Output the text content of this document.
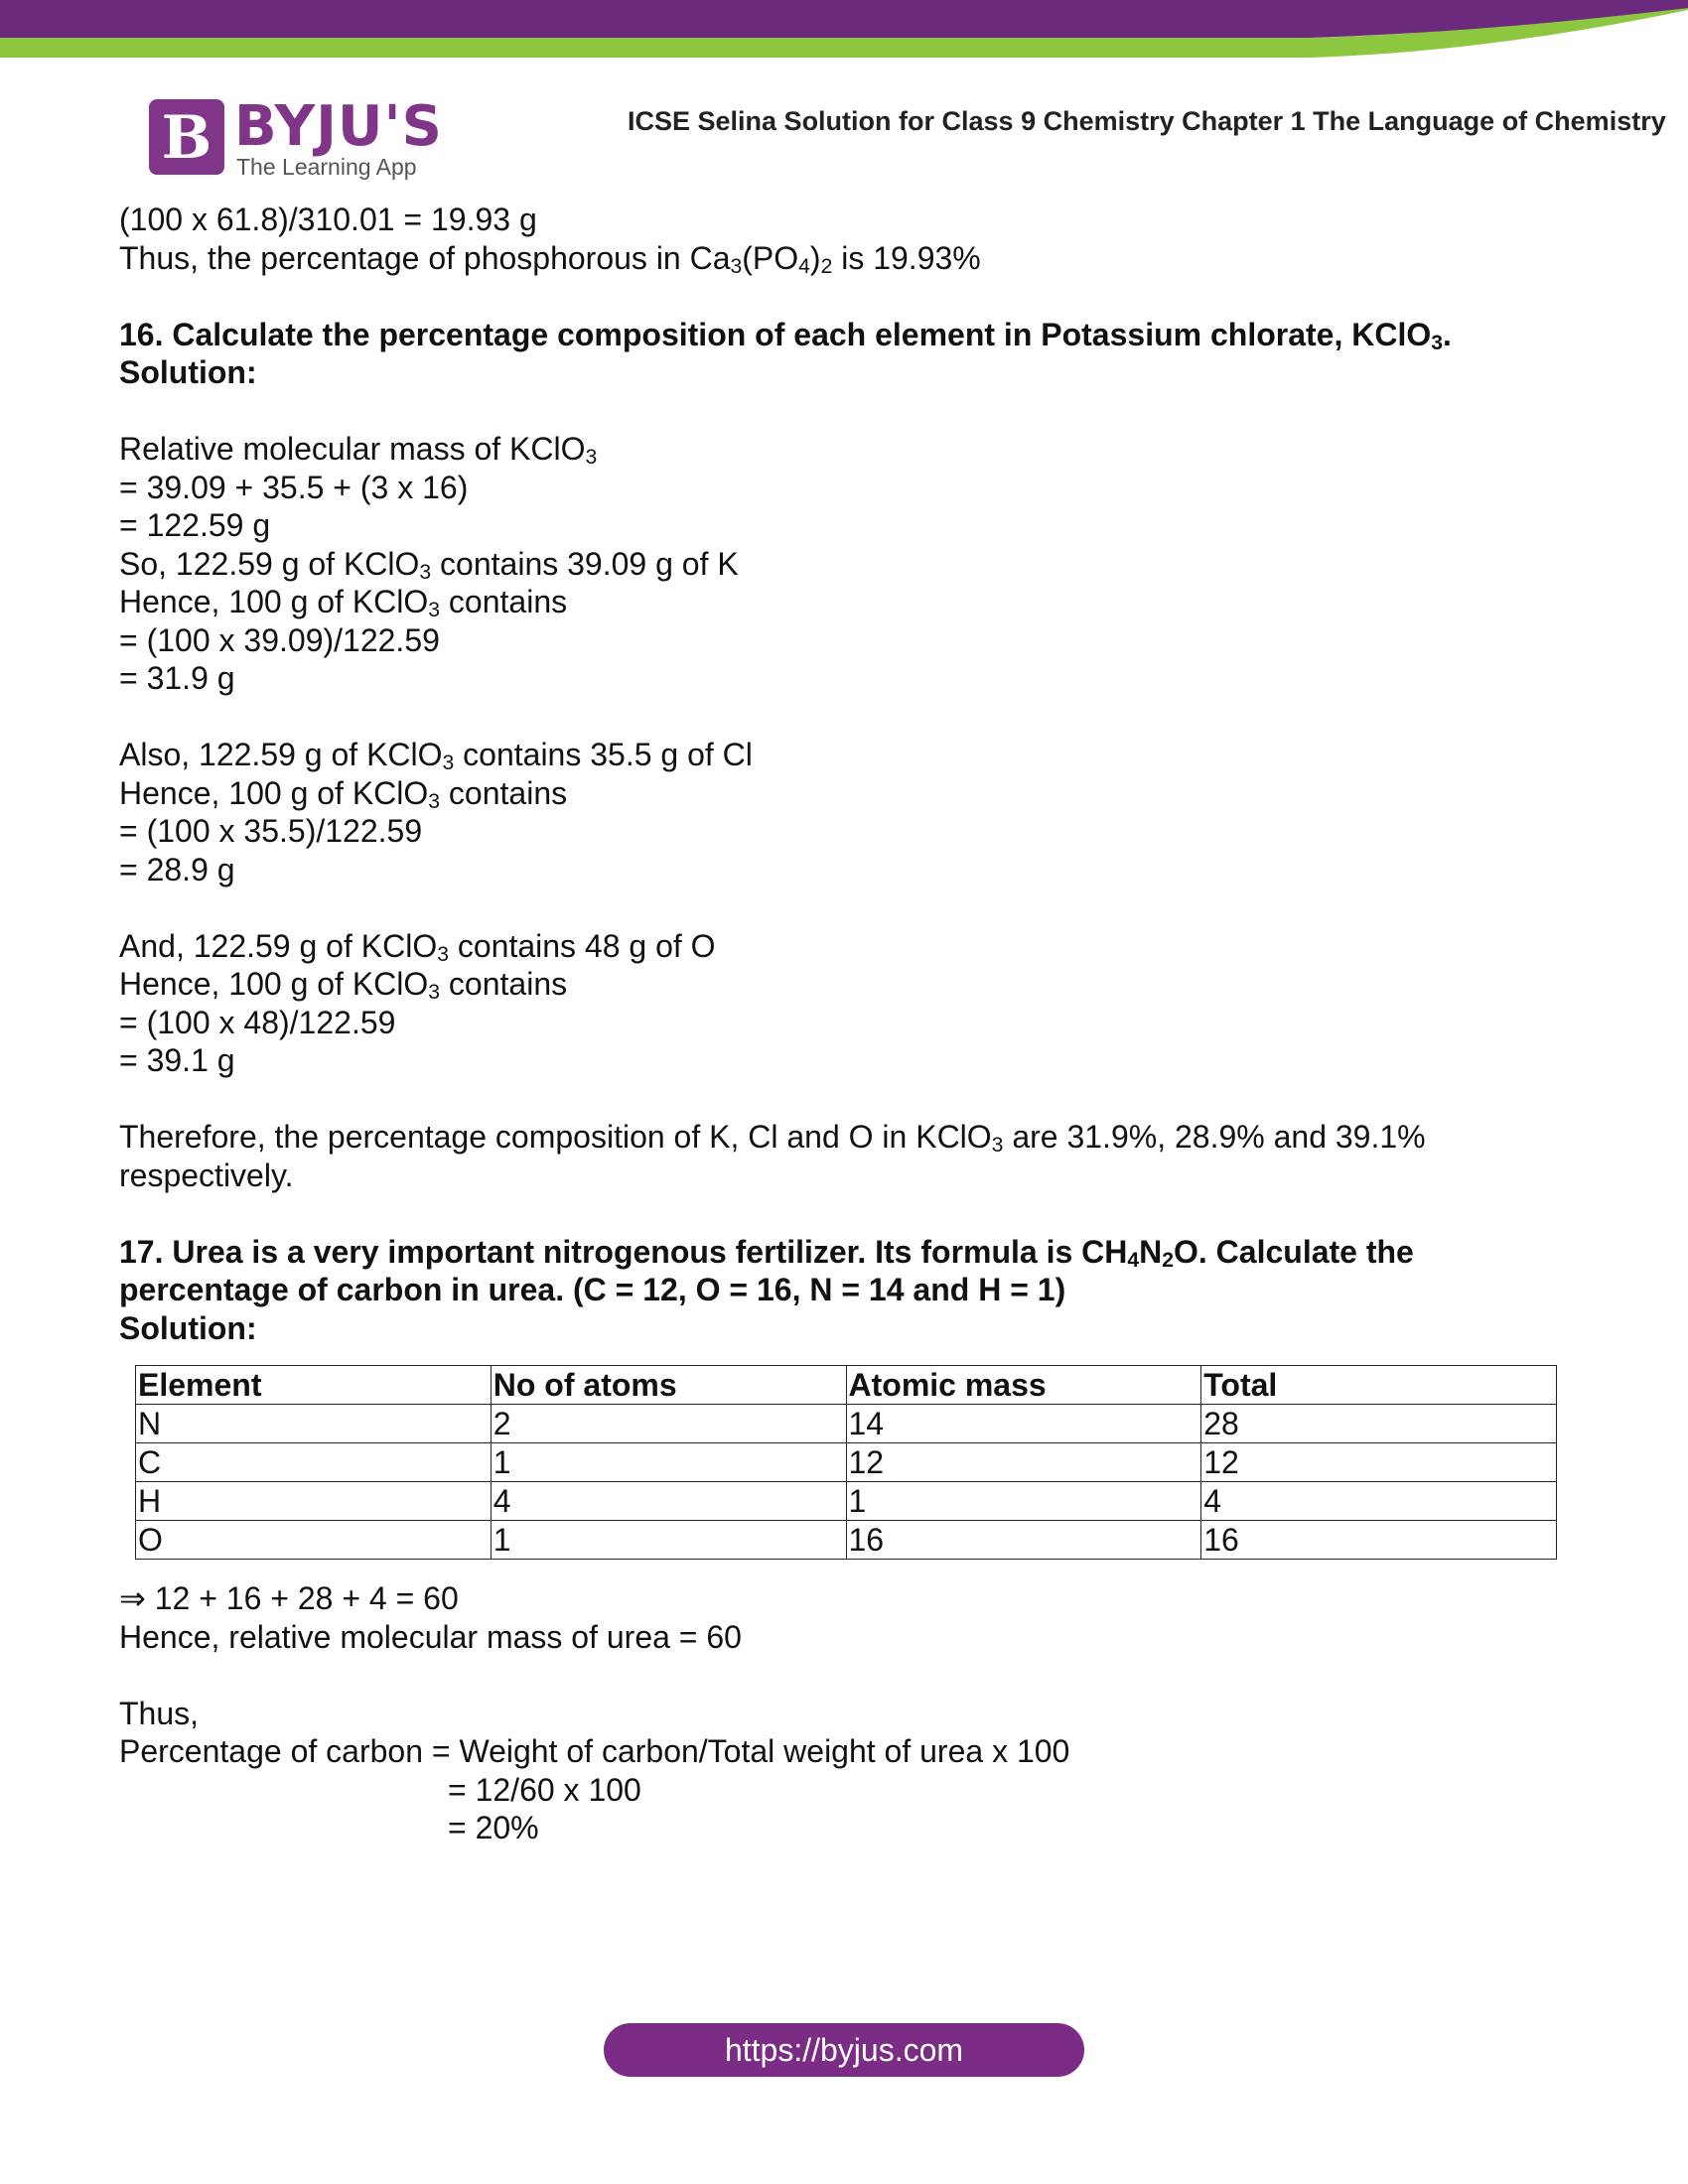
B BYJU'S
The Learning App
ICSE Selina Solution for Class 9 Chemistry Chapter 1 The Language of Chemistry

(100 x 61.8)/310.01 = 19.93 g

Thus, the percentage of phosphorous in $Ca_3(PO_4)_2$ is 19.93%

16. Calculate the percentage composition of each element in Potassium chlorate, KClO$_3$.

Solution:

Relative molecular mass of KClO$_3$

= 39.09 + 35.5 + (3 x 16)

= 122.59 g

So, 122.59 g of KClO$_3$ contains 39.09 g of K

Hence, 100 g of KClO$_3$ contains

= (100 x 39.09)/122.59

= 31.9 g

Also, 122.59 g of KClO$_3$ contains 35.5 g of Cl

Hence, 100 g of KClO$_3$ contains

= (100 x 35.5)/122.59

= 28.9 g

And, 122.59 g of KClO$_3$ contains 48 g of O

Hence, 100 g of KClO$_3$ contains

= (100 x 48)/122.59

= 39.1 g

Therefore, the percentage composition of K, Cl and O in KClO$_3$ are 31.9%, 28.9% and 39.1%

respectively.

17. Urea is a very important nitrogenous fertilizer. Its formula is $CH_4N_2O$. Calculate the

percentage of carbon in urea. (C = 12, O = 16, N = 14 and H = 1)

Solution:

Element	No of atoms	Atomic mass	Total
N	2	14	28
C	1	12	12
H	4	1	4
O	1	16	16

⇒ 12 + 16 + 28 + 4 = 60

Hence, relative molecular mass of urea = 60

Thus,

Percentage of carbon = Weight of carbon/Total weight of urea x 100

= 12/60 x 100

= 20%

https://byjus.com
